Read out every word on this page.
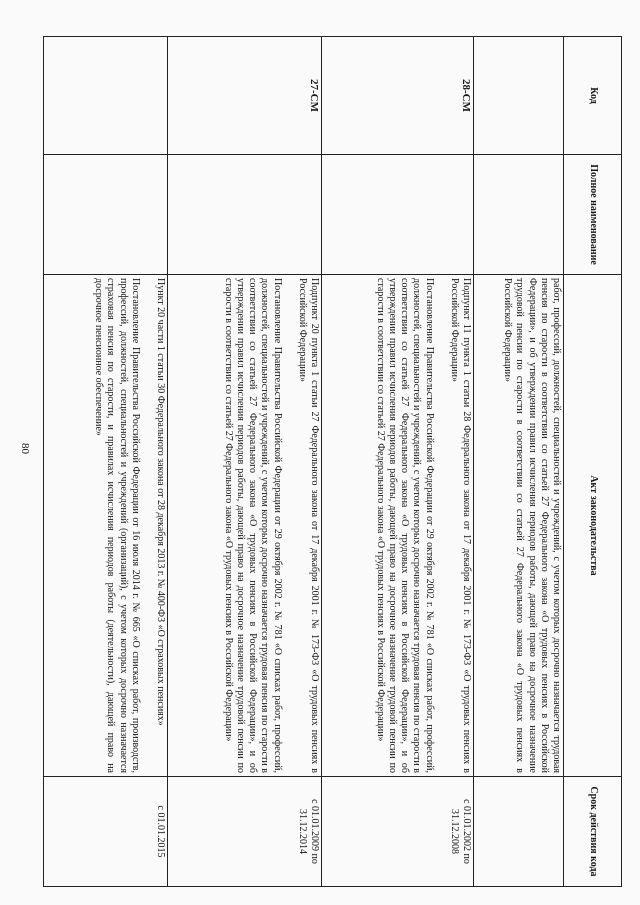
80
Код	Полное наименование	Акт законодательства	Срок действия кода

		работ, профессий, должностей, специальностей и учреждений, с учетом которых досрочно назначается трудовая пенсия по старости в соответствии со статьей 27 Федерального закона «О трудовых пенсиях в Российской Федерации», и об утверждении правил исчисления периодов работы, дающей право на досрочное назначение трудовой пенсии по старости в соответствии со статьей 27 Федерального закона «О трудовых пенсиях в Российской Федерации»	

28-СМ		Подпункт 11 пункта 1 статьи 28 Федерального закона от 17 декабря 2001 г. № 173-ФЗ «О трудовых пенсиях в Российской Федерации»

Постановление Правительства Российской Федерации от 29 октября 2002 г. № 781 «О списках работ, профессий, должностей, специальностей и учреждений, с учетом которых досрочно назначается трудовая пенсия по старости в соответствии со статьей 27 Федерального закона «О трудовых пенсиях в Российской Федерации», и об утверждении правил исчисления периодов работы, дающей право на досрочное назначение трудовой пенсии по старости в соответствии со статьей 27 Федерального закона «О трудовых пенсиях в Российской Федерации»	с 01.01.2002 по 31.12.2008
27-СМ		Подпункт 20 пункта 1 статьи 27 Федерального закона от 17 декабря 2001 г. № 173-ФЗ «О трудовых пенсиях в Российской Федерации»

Постановление Правительства Российской Федерации от 29 октября 2002 г. № 781 «О списках работ, профессий, должностей, специальностей и учреждений, с учетом которых досрочно назначается трудовая пенсия по старости в соответствии со статьей 27 Федерального закона «О трудовых пенсиях в Российской Федерации», и об утверждении правил исчисления периодов работы, дающей право на досрочное назначение трудовой пенсии по старости в соответствии со статьей 27 Федерального закона «О трудовых пенсиях в Российской Федерации»	с 01.01.2009 по 31.12.2014

		Пункт 20 части 1 статьи 30 Федерального закона от 28 декабря 2013 г. № 400-ФЗ «О страховых пенсиях»

Постановление Правительства Российской Федерации от 16 июля 2014 г. № 665 «О списках работ, производств, профессий, должностей, специальностей и учреждений (организаций), с учетом которых досрочно назначается страховая пенсия по старости, и правилах исчисления периодов работы (деятельности), дающей право на досрочное пенсионное обеспечение»	с 01.01.2015
